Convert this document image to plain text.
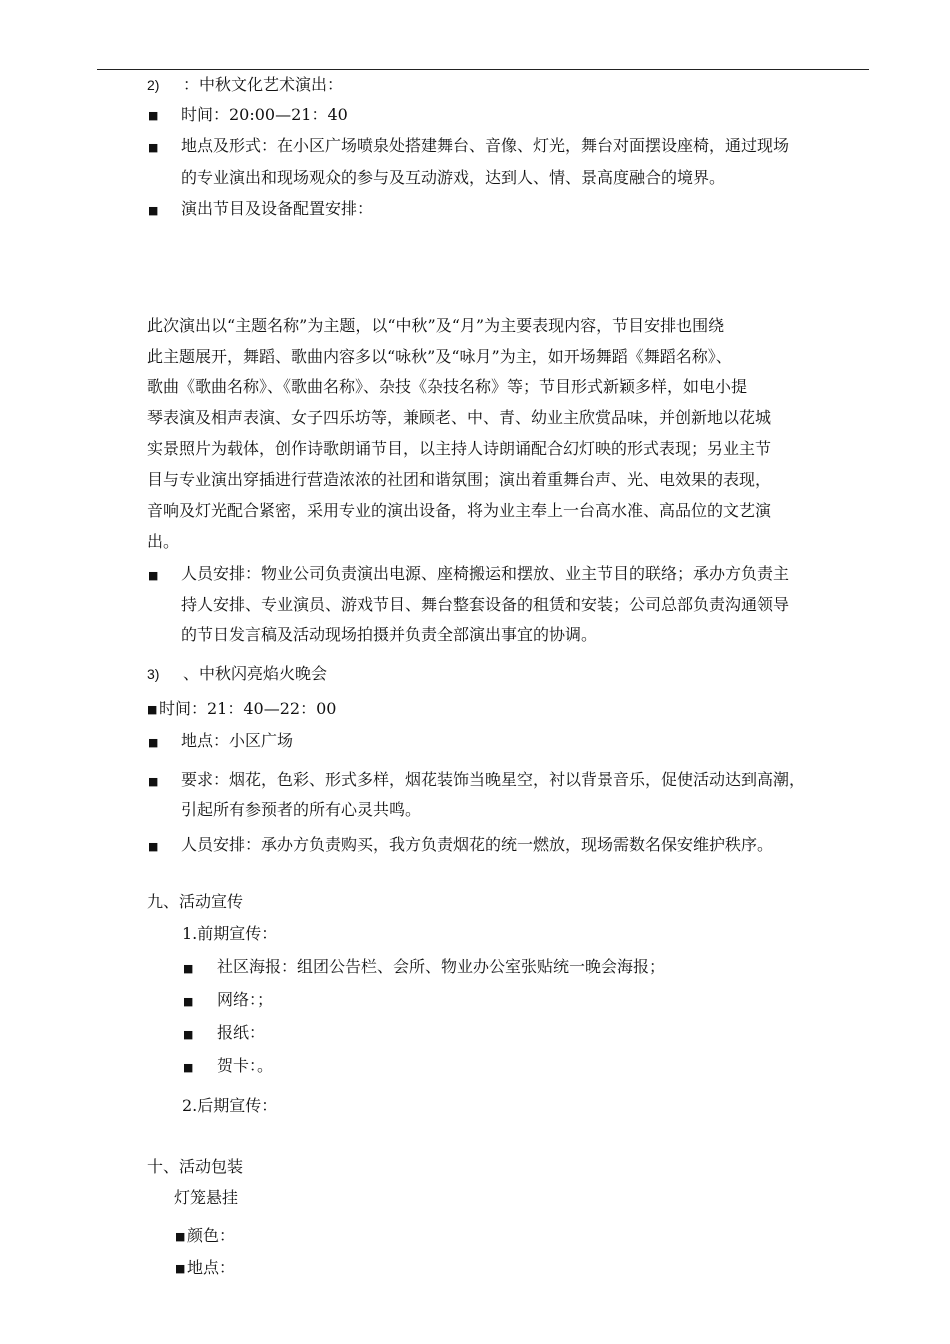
2) ：中秋文化艺术演出：
■ 时间：20:00—21：40
■ 地点及形式：在小区广场喷泉处搭建舞台、音像、灯光，舞台对面摆设座椅，通过现场
的专业演出和现场观众的参与及互动游戏，达到人、情、景高度融合的境界。
■ 演出节目及设备配置安排：
此次演出以“主题名称”为主题，以“中秋”及“月”为主要表现内容，节目安排也围绕
此主题展开，舞蹈、歌曲内容多以“咏秋”及“咏月”为主，如开场舞蹈《舞蹈名称》、
歌曲《歌曲名称》、《歌曲名称》、杂技《杂技名称》等；节目形式新颖多样，如电小提
琴表演及相声表演、女子四乐坊等，兼顾老、中、青、幼业主欣赏品味，并创新地以花城
实景照片为载体，创作诗歌朗诵节目，以主持人诗朗诵配合幻灯映的形式表现；另业主节
目与专业演出穿插进行营造浓浓的社团和谐氛围；演出着重舞台声、光、电效果的表现，
音响及灯光配合紧密，采用专业的演出设备，将为业主奉上一台高水准、高品位的文艺演
出。
■ 人员安排：物业公司负责演出电源、座椅搬运和摆放、业主节目的联络；承办方负责主
持人安排、专业演员、游戏节目、舞台整套设备的租赁和安装；公司总部负责沟通领导
的节日发言稿及活动现场拍摄并负责全部演出事宜的协调。
3) 、中秋闪亮焰火晚会
■ 时间：21：40—22：00
■ 地点：小区广场
■ 要求：烟花，色彩、形式多样，烟花装饰当晚星空，衬以背景音乐，促使活动达到高潮，
引起所有参预者的所有心灵共鸣。
■ 人员安排：承办方负责购买，我方负责烟花的统一燃放，现场需数名保安维护秩序。
九、活动宣传
1.前期宣传：
■ 社区海报：组团公告栏、会所、物业办公室张贴统一晚会海报；
■ 网络：；
■ 报纸：
■ 贺卡：。
2.后期宣传：
十、活动包装
灯笼悬挂
■ 颜色：
■ 地点：
